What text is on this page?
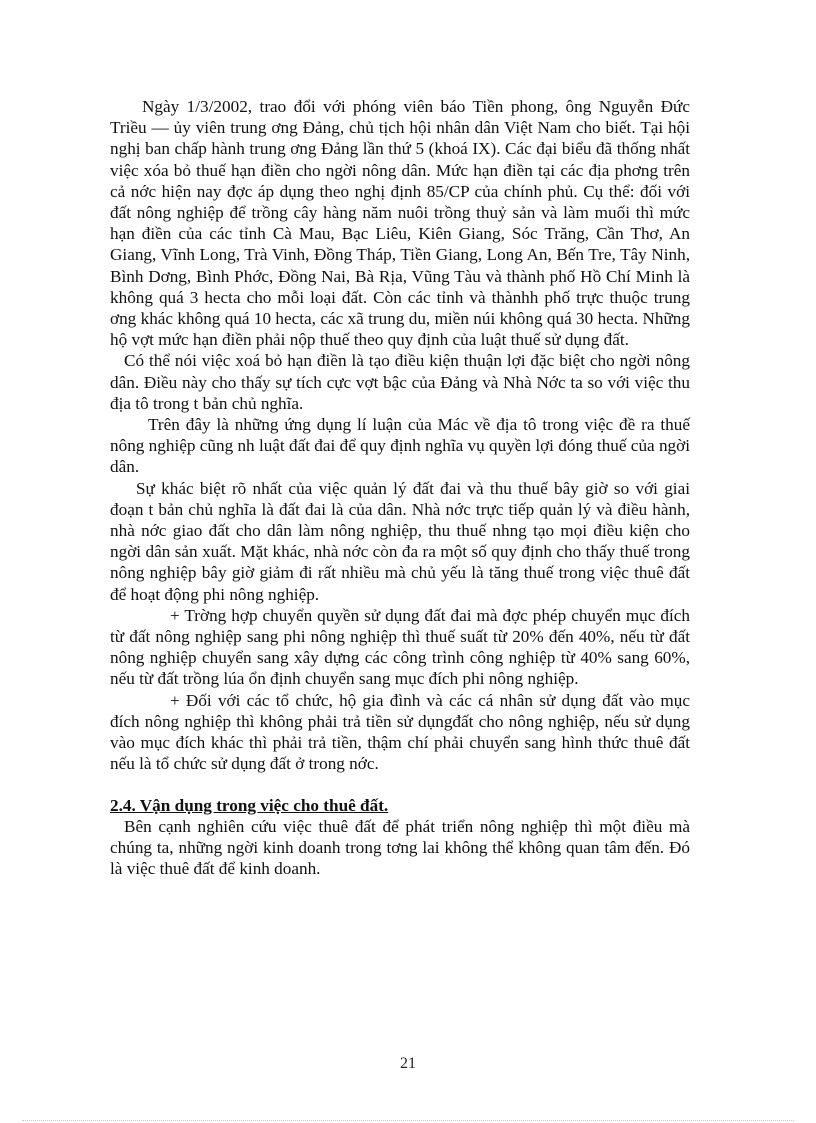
Ngày 1/3/2002, trao đổi với phóng viên báo Tiền phong, ông Nguyễn Đức Triều — ủy viên trung ơng Đảng, chủ tịch hội nhân dân Việt Nam cho biết. Tại hội nghị ban chấp hành trung ơng Đảng lần thứ 5 (khoá IX). Các đại biểu đã thống nhất việc xóa bỏ thuế hạn điền cho ngời nông dân. Mức hạn điền tại các địa phơng trên cả nớc hiện nay đợc áp dụng theo nghị định 85/CP của chính phủ. Cụ thể: đối với đất nông nghiệp để trồng cây hàng năm nuôi trồng thuỷ sản và làm muối thì mức hạn điền của các tỉnh Cà Mau, Bạc Liêu, Kiên Giang, Sóc Trăng, Cần Thơ, An Giang, Vĩnh Long, Trà Vinh, Đồng Tháp, Tiền Giang, Long An, Bến Tre, Tây Ninh, Bình Dơng, Bình Phớc, Đồng Nai, Bà Rịa, Vũng Tàu và thành phố Hồ Chí Minh là không quá 3 hecta cho mỗi loại đất. Còn các tỉnh và thànhh phố trực thuộc trung ơng khác không quá 10 hecta, các xã trung du, miền núi không quá 30 hecta. Những hộ vợt mức hạn điền phải nộp thuế theo quy định của luật thuế sử dụng đất.

Có thể nói việc xoá bỏ hạn điền là tạo điều kiện thuận lợi đặc biệt cho ngời nông dân. Điều này cho thấy sự tích cực vợt bậc của Đảng và Nhà Nớc ta so với việc thu địa tô trong t bản chủ nghĩa.

Trên đây là những ứng dụng lí luận của Mác về địa tô trong việc đề ra thuế nông nghiệp cũng nh luật đất đai để quy định nghĩa vụ quyền lợi đóng thuế của ngời dân.

Sự khác biệt rõ nhất của việc quản lý đất đai và thu thuế bây giờ so với giai đoạn t bản chủ nghĩa là đất đai là của dân. Nhà nớc trực tiếp quản lý và điều hành, nhà nớc giao đất cho dân làm nông nghiệp, thu thuế nhng tạo mọi điều kiện cho ngời dân sản xuất. Mặt khác, nhà nớc còn đa ra một số quy định cho thấy thuế trong nông nghiệp bây giờ giảm đi rất nhiều mà chủ yếu là tăng thuế trong việc thuê đất để hoạt động phi nông nghiệp.

+ Trờng hợp chuyển quyền sử dụng đất đai mà đợc phép chuyển mục đích từ đất nông nghiệp sang phi nông nghiệp thì thuế suất từ 20% đến 40%, nếu từ đất nông nghiệp chuyển sang xây dựng các công trình công nghiệp từ 40% sang 60%, nếu từ đất trồng lúa ổn định chuyển sang mục đích phi nông nghiệp.

+ Đối với các tổ chức, hộ gia đình và các cá nhân sử dụng đất vào mục đích nông nghiệp thì không phải trả tiền sử dụngđất cho nông nghiệp, nếu sử dụng vào mục đích khác thì phải trả tiền, thậm chí phải chuyển sang hình thức thuê đất nếu là tổ chức sử dụng đất ở trong nớc.

2.4. Vận dụng trong việc cho thuê đất.

Bên cạnh nghiên cứu việc thuê đất để phát triển nông nghiệp thì một điều mà chúng ta, những ngời kinh doanh trong tơng lai không thể không quan tâm đến. Đó là việc thuê đất để kinh doanh.

21
